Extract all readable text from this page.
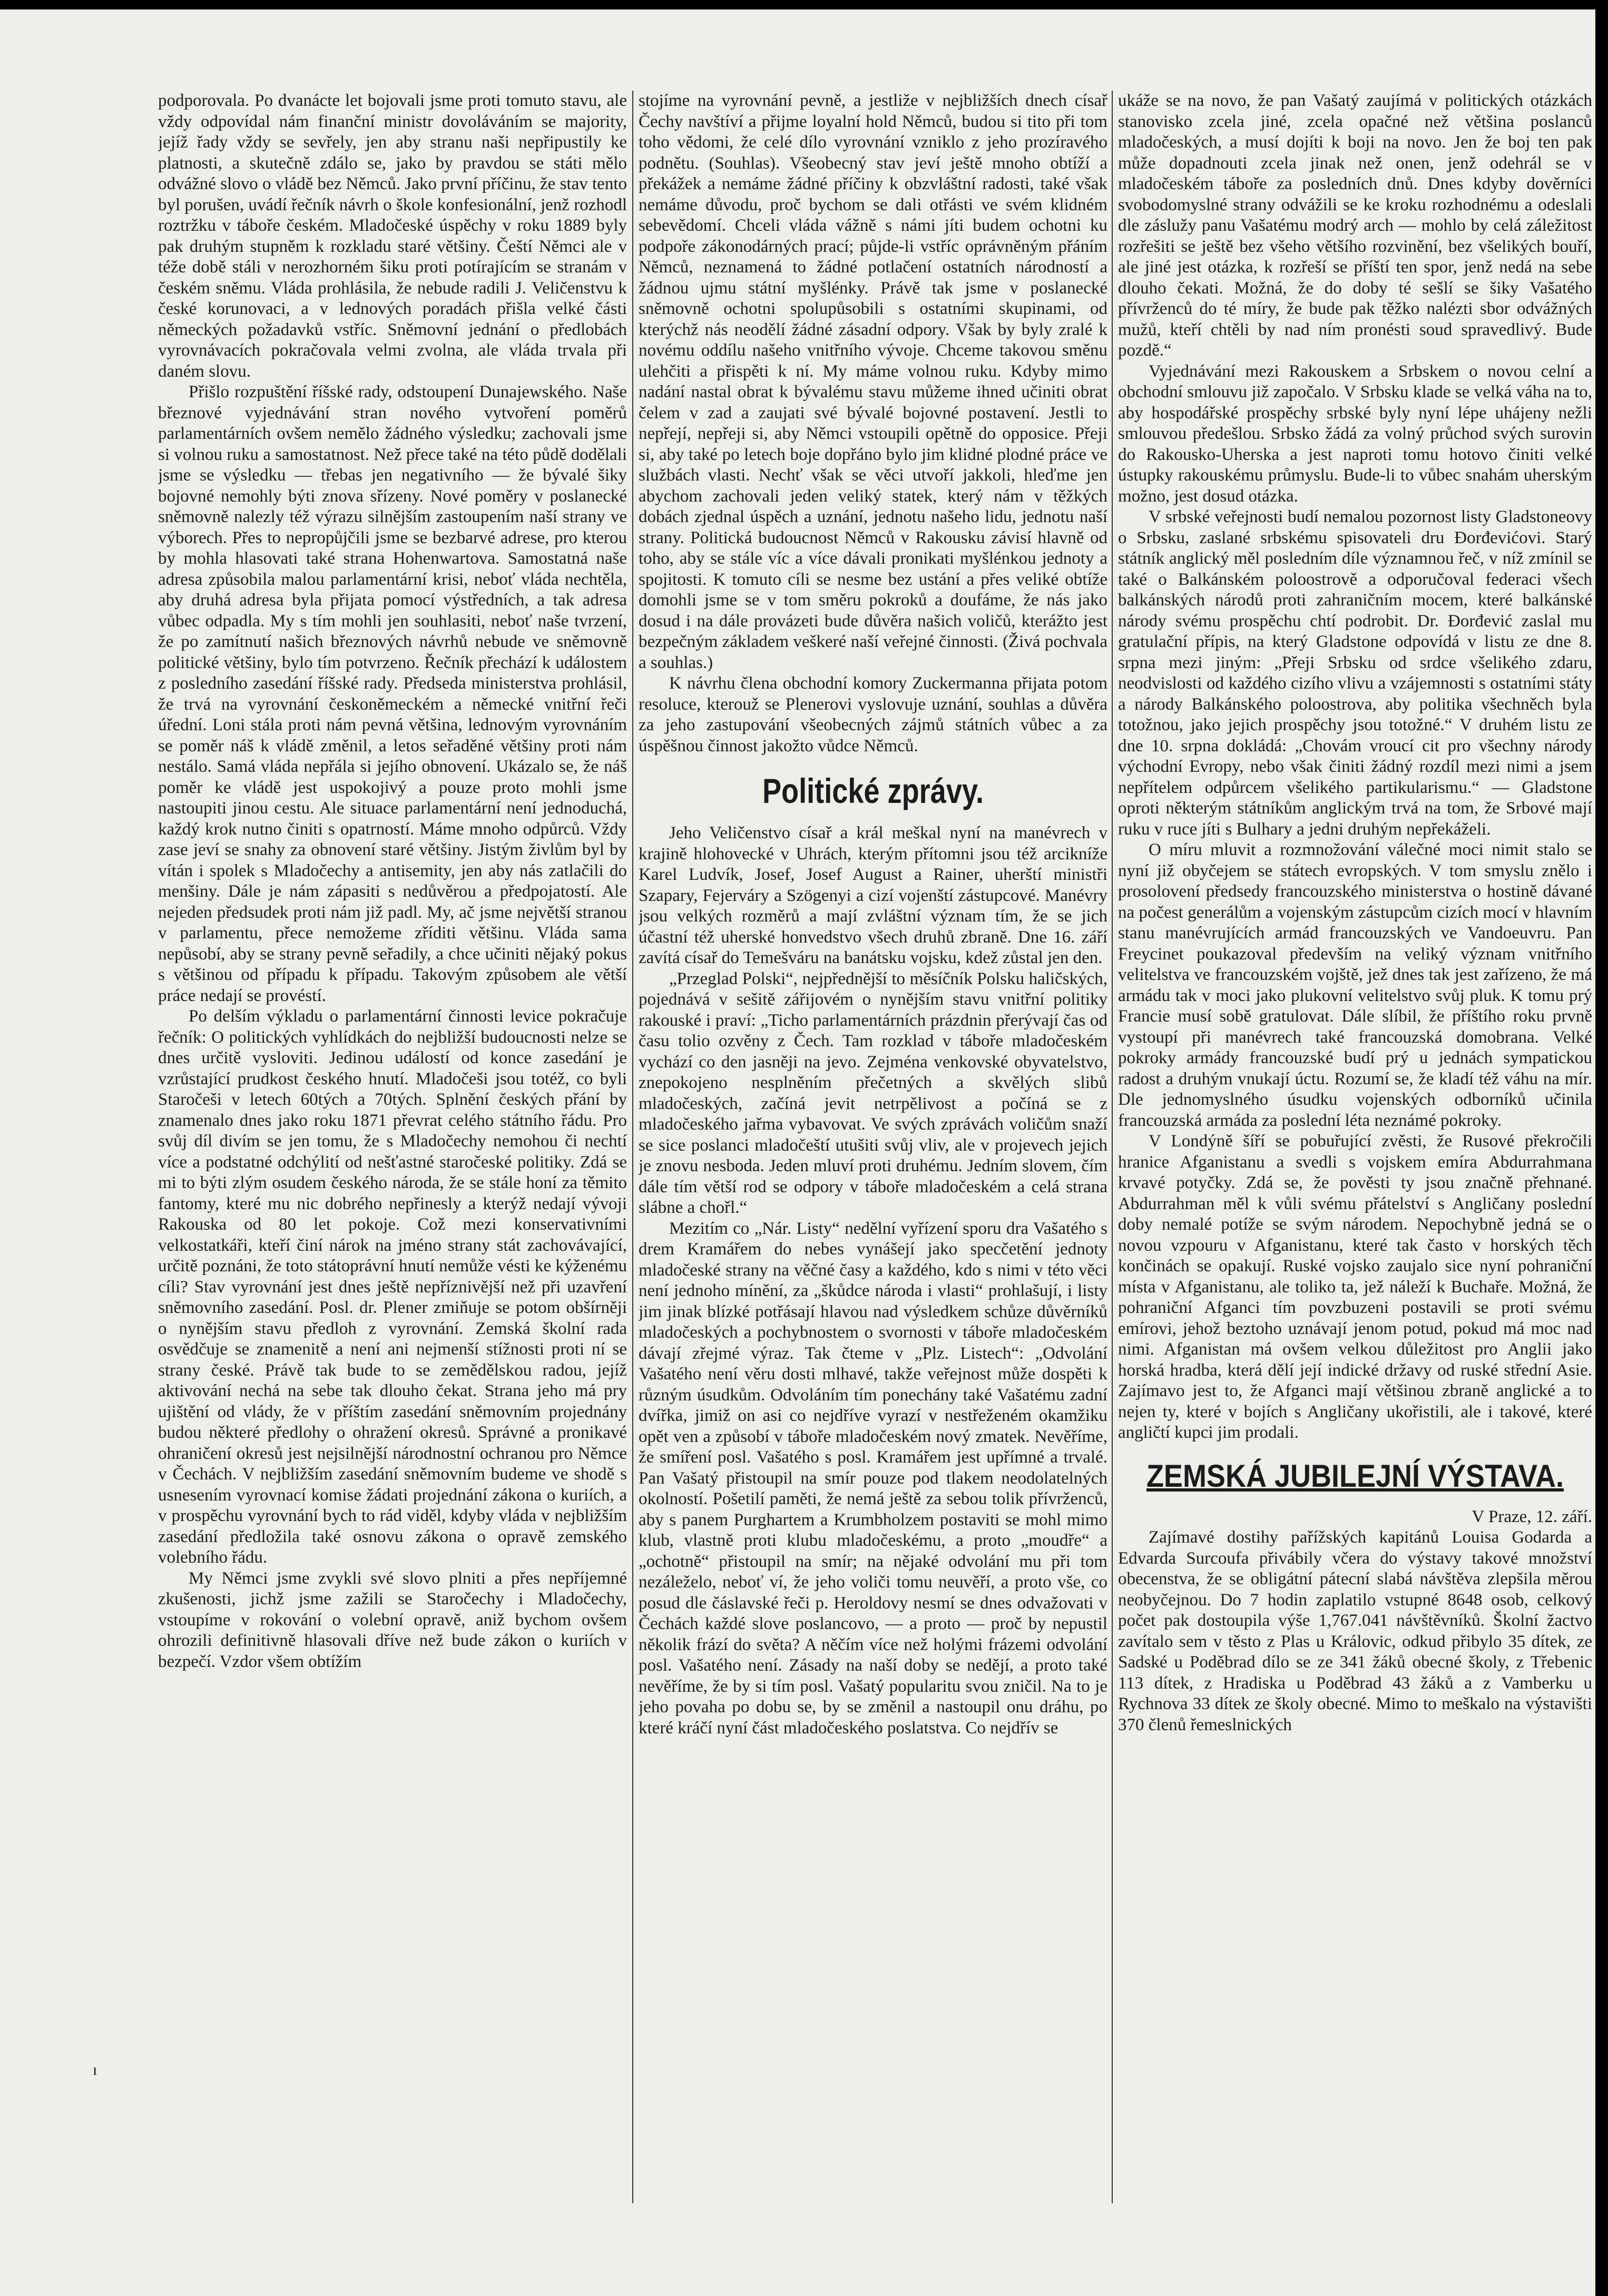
podporovala. Po dvanácte let bojovali jsme proti tomuto stavu, ale vždy odpovídal nám finanční ministr dovoláváním se majority, jejíž řady vždy se sevřely, jen aby stranu naši nepřipustily ke platnosti, a skutečně zdálo se, jako by pravdou se státi mělo odvážné slovo o vládě bez Němců. Jako první příčinu, že stav tento byl porušen, uvádí řečník návrh o škole konfesionální, jenž rozhodl roztržku v táboře českém. Mladočeské úspěchy v roku 1889 byly pak druhým stupněm k rozkladu staré většiny. Čeští Němci ale v téže době stáli v nerozhorném šiku proti potírajícím se stranám v českém sněmu. Vláda prohlásila, že nebude radili J. Veličenstvu k české korunovaci, a v lednových poradách přišla velké části německých požadavků vstříc. Sněmovní jednání o předlobách vyrovnávacích pokračovala velmi zvolna, ale vláda trvala při daném slovu.

Přišlo rozpuštění říšské rady, odstoupení Dunajewského. Naše březnové vyjednávání stran nového vytvoření poměrů parlamentárních ovšem nemělo žádného výsledku; zachovali jsme si volnou ruku a samostatnost. Než přece také na této půdě dodělali jsme se výsledku — třebas jen negativního — že bývalé šiky bojovné nemohly býti znova sřízeny. Nové poměry v poslanecké sněmovně nalezly též výrazu silnějším zastoupením naší strany ve výborech. Přes to nepropůjčili jsme se bezbarvé adrese, pro kterou by mohla hlasovati také strana Hohenwartova. Samostatná naše adresa způsobila malou parlamentární krisi, neboť vláda nechtěla, aby druhá adresa byla přijata pomocí výstředních, a tak adresa vůbec odpadla. My s tím mohli jen souhlasiti, neboť naše tvrzení, že po zamítnutí našich březnových návrhů nebude ve sněmovně politické většiny, bylo tím potvrzeno. Řečník přechází k událostem z posledního zasedání říšské rady. Předseda ministerstva prohlásil, že trvá na vyrovnání českoněmeckém a německé vnitřní řeči úřední. Loni stála proti nám pevná většina, lednovým vyrovnáním se poměr náš k vládě změnil, a letos seřaděné většiny proti nám nestálo. Samá vláda nepřála si jejího obnovení. Ukázalo se, že náš poměr ke vládě jest uspokojivý a pouze proto mohli jsme nastoupiti jinou cestu. Ale situace parlamentární není jednoduchá, každý krok nutno činiti s opatrností. Máme mnoho odpůrců. Vždy zase jeví se snahy za obnovení staré většiny. Jistým živlům byl by vítán i spolek s Mladočechy a antisemity, jen aby nás zatlačili do menšiny. Dále je nám zápasiti s nedůvěrou a předpojatostí. Ale nejeden předsudek proti nám již padl. My, ač jsme největší stranou v parlamentu, přece nemožeme zříditi většinu. Vláda sama nepůsobí, aby se strany pevně seřadily, a chce učiniti nějaký pokus s většinou od případu k případu. Takovým způsobem ale větší práce nedají se provéstí.

Po delším výkladu o parlamentární činnosti levice pokračuje řečník: O politických vyhlídkách do nejbližší budoucnosti nelze se dnes určitě vysloviti. Jedinou událostí od konce zasedání je vzrůstající prudkost českého hnutí. Mladočeši jsou totéž, co byli Staročeši v letech 60tých a 70tých. Splnění českých přání by znamenalo dnes jako roku 1871 převrat celého státního řádu. Pro svůj díl divím se jen tomu, že s Mladočechy nemohou či nechtí více a podstatné odchýlití od nešťastné staročeské politiky. Zdá se mi to býti zlým osudem českého národa, že se stále honí za těmito fantomy, které mu nic dobrého nepřinesly a kterýž nedají vývoji Rakouska od 80 let pokoje. Což mezi konservativními velkostatkáři, kteří činí nárok na jméno strany stát zachovávající, určitě poznáni, že toto státoprávní hnutí nemůže vésti ke kýženému cíli? Stav vyrovnání jest dnes ještě nepříznivější než při uzavření sněmovního zasedání. Posl. dr. Plener zmiňuje se potom obšírněji o nynějším stavu předloh z vyrovnání. Zemská školní rada osvědčuje se znamenitě a není ani nejmenší stížnosti proti ní se strany české. Právě tak bude to se zemědělskou radou, jejíž aktivování nechá na sebe tak dlouho čekat. Strana jeho má pry ujištění od vlády, že v příštím zasedání sněmovním projednány budou některé předlohy o ohražení okresů. Správné a pronikavé ohraničení okresů jest nejsilnější národnostní ochranou pro Němce v Čechách. V nejbližším zasedání sněmovním budeme ve shodě s usnesením vyrovnací komise žádati projednání zákona o kuriích, a v prospěchu vyrovnání bych to rád viděl, kdyby vláda v nejbližším zasedání předložila také osnovu zákona o opravě zemského volebního řádu.

My Němci jsme zvykli své slovo plniti a přes nepříjemné zkušenosti, jichž jsme zažili se Staročechy i Mladočechy, vstoupíme v rokování o volební opravě, aniž bychom ovšem ohrozili definitivně hlasovali dříve než bude zákon o kuriích v bezpečí. Vzdor všem obtížím

stojíme na vyrovnání pevně, a jestliže v nejbližších dnech císař Čechy navštíví a přijme loyalní hold Němců, budou si tito při tom toho vědomi, že celé dílo vyrovnání vzniklo z jeho prozíravého podnětu. (Souhlas). Všeobecný stav jeví ještě mnoho obtíží a překážek a nemáme žádné příčiny k obzvláštní radosti, také však nemáme důvodu, proč bychom se dali otřásti ve svém klidném sebevědomí. Chceli vláda vážně s námi jíti budem ochotni ku podpoře zákonodárných prací; půjde-li vstříc oprávněným přáním Němců, neznamená to žádné potlačení ostatních národností a žádnou ujmu státní myšlénky. Právě tak jsme v poslanecké sněmovně ochotni spolupůsobili s ostatními skupinami, od kterýchž nás neodělí žádné zásadní odpory. Však by byly zralé k novému oddílu našeho vnitřního vývoje. Chceme takovou směnu ulehčiti a přispěti k ní. My máme volnou ruku. Kdyby mimo nadání nastal obrat k bývalému stavu můžeme ihned učiniti obrat čelem v zad a zaujati své bývalé bojovné postavení. Jestli to nepřejí, nepřeji si, aby Němci vstoupili opětně do opposice. Přeji si, aby také po letech boje dopřáno bylo jim klidné plodné práce ve službách vlasti. Nechť však se věci utvoří jakkoli, hleďme jen abychom zachovali jeden veliký statek, který nám v těžkých dobách zjednal úspěch a uznání, jednotu našeho lidu, jednotu naší strany. Politická budoucnost Němců v Rakousku závisí hlavně od toho, aby se stále víc a více dávali pronikati myšlénkou jednoty a spojitosti. K tomuto cíli se nesme bez ustání a přes veliké obtíže domohli jsme se v tom směru pokroků a doufáme, že nás jako dosud i na dále provázeti bude důvěra našich voličů, kterážto jest bezpečným základem veškeré naší veřejné činnosti. (Živá pochvala a souhlas.)

K návrhu člena obchodní komory Zuckermanna přijata potom resoluce, kterouž se Plenerovi vyslovuje uznání, souhlas a důvěra za jeho zastupování všeobecných zájmů státních vůbec a za úspěšnou činnost jakožto vůdce Němců.

Politické zprávy.

Jeho Veličenstvo císař a král meškal nyní na manévrech v krajině hlohovecké v Uhrách, kterým přítomni jsou též arcikníže Karel Ludvík, Josef, Josef August a Rainer, uherští ministři Szapary, Fejerváry a Szögenyi a cizí vojenští zástupcové. Manévry jsou velkých rozměrů a mají zvláštní význam tím, že se jich účastní též uherské honvedstvo všech druhů zbraně. Dne 16. září zavítá císař do Temešváru na banátsku vojsku, kdež zůstal jen den.

„Przeglad Polski“, nejpřednější to měsíčník Polsku haličských, pojednává v sešitě zářijovém o nynějším stavu vnitřní politiky rakouské i praví: „Ticho parlamentárních prázdnin přerývají čas od času tolio ozvěny z Čech. Tam rozklad v táboře mladočeském vychází co den jasněji na jevo. Zejména venkovské obyvatelstvo, znepokojeno nesplněním přečetných a skvělých slibů mladočeských, začíná jevit netrpělivost a počíná se z mladočeského jařma vybavovat. Ve svých zprávách voličům snaží se sice poslanci mladočeští utušiti svůj vliv, ale v projevech jejich je znovu nesboda. Jeden mluví proti druhému. Jedním slovem, čím dále tím větší rod se odpory v táboře mladočeském a celá strana slábne a chořl.“

Mezitím co „Nár. Listy“ nedělní vyřízení sporu dra Vašatého s drem Kramářem do nebes vynášejí jako specčetění jednoty mladočeské strany na věčné časy a každého, kdo s nimi v této věci není jednoho mínění, za „škůdce národa i vlasti“ prohlašují, i listy jim jinak blízké potřásají hlavou nad výsledkem schůze důvěrníků mladočeských a pochybnostem o svornosti v táboře mladočeském dávají zřejmé výraz. Tak čteme v „Plz. Listech“: „Odvolání Vašatého není věru dosti mlhavé, takže veřejnost může dospěti k různým úsudkům. Odvoláním tím ponechány také Vašatému zadní dvířka, jimiž on asi co nejdříve vyrazí v nestřeženém okamžiku opět ven a způsobí v táboře mladočeském nový zmatek. Nevěříme, že smíření posl. Vašatého s posl. Kramářem jest upřímné a trvalé. Pan Vašatý přistoupil na smír pouze pod tlakem neodolatelných okolností. Pošetilí paměti, že nemá ještě za sebou tolik přívrženců, aby s panem Purghartem a Krumbholzem postaviti se mohl mimo klub, vlastně proti klubu mladočeskému, a proto „moudře“ a „ochotně“ přistoupil na smír; na nějaké odvolání mu při tom nezáleželo, neboť ví, že jeho voliči tomu neuvěří, a proto vše, co posud dle čáslavské řeči p. Heroldovy nesmí se dnes odvažovati v Čechách každé slove poslancovo, — a proto — proč by nepustil několik frází do světa? A něčím více než holými frázemi odvolání posl. Vašatého není. Zásady na naší doby se nedějí, a proto také nevěříme, že by si tím posl. Vašatý popularitu svou zničil. Na to je jeho povaha po dobu se, by se změnil a nastoupil onu dráhu, po které kráčí nyní část mladočeského poslatstva. Co nejdřív se

ukáže se na novo, že pan Vašatý zaujímá v politických otázkách stanovisko zcela jiné, zcela opačné než většina poslanců mladočeských, a musí dojíti k boji na novo. Jen že boj ten pak může dopadnouti zcela jinak než onen, jenž odehrál se v mladočeském táboře za posledních dnů. Dnes kdyby dověrníci svobodomyslné strany odvážili se ke kroku rozhodnému a odeslali dle záslužy panu Vašatému modrý arch — mohlo by celá záležitost rozřešiti se ještě bez všeho většího rozvinění, bez všelikých bouří, ale jiné jest otázka, k rozřeší se příští ten spor, jenž nedá na sebe dlouho čekati. Možná, že do doby té sešlí se šiky Vašatého přívrženců do té míry, že bude pak těžko nalézti sbor odvážných mužů, kteří chtěli by nad ním pronésti soud spravedlivý. Bude pozdě.“

Vyjednávání mezi Rakouskem a Srbskem o novou celní a obchodní smlouvu již započalo. V Srbsku klade se velká váha na to, aby hospodářské prospěchy srbské byly nyní lépe uhájeny nežli smlouvou předešlou. Srbsko žádá za volný průchod svých surovin do Rakousko-Uherska a jest naproti tomu hotovo činiti velké ústupky rakouskému průmyslu. Bude-li to vůbec snahám uherským možno, jest dosud otázka.

V srbské veřejnosti budí nemalou pozornost listy Gladstoneovy o Srbsku, zaslané srbskému spisovateli dru Đorđevićovi. Starý státník anglický měl posledním díle významnou řeč, v níž zmínil se také o Balkánském poloostrově a odporučoval federaci všech balkánských národů proti zahraničním mocem, které balkánské národy svému prospěchu chtí podrobit. Dr. Đorđević zaslal mu gratulační přípis, na který Gladstone odpovídá v listu ze dne 8. srpna mezi jiným: „Přeji Srbsku od srdce všelikého zdaru, neodvislosti od každého cizího vlivu a vzájemnosti s ostatními státy a národy Balkánského poloostrova, aby politika všechněch byla totožnou, jako jejich prospěchy jsou totožné.“ V druhém listu ze dne 10. srpna dokládá: „Chovám vroucí cit pro všechny národy východní Evropy, nebo však činiti žádný rozdíl mezi nimi a jsem nepřítelem odpůrcem všelikého partikularismu.“ — Gladstone oproti některým státníkům anglickým trvá na tom, že Srbové mají ruku v ruce jíti s Bulhary a jedni druhým nepřekáželi.

O míru mluvit a rozmnožování válečné moci nimit stalo se nyní již obyčejem se státech evropských. V tom smyslu znělo i prosolovení předsedy francouzského ministerstva o hostině dávané na počest generálům a vojenským zástupcům cizích mocí v hlavním stanu manévrujících armád francouzských ve Vandoeuvru. Pan Freycinet poukazoval především na veliký význam vnitřního velitelstva ve francouzském vojště, jež dnes tak jest zařízeno, že má armádu tak v moci jako plukovní velitelstvo svůj pluk. K tomu prý Francie musí sobě gratulovat. Dále slíbil, že příštího roku prvně vystoupí při manévrech také francouzská domobrana. Velké pokroky armády francouzské budí prý u jednách sympatickou radost a druhým vnukají úctu. Rozumí se, že kladí též váhu na mír. Dle jednomyslného úsudku vojenských odborníků učinila francouzská armáda za poslední léta neznámé pokroky.

V Londýně šíří se pobuřující zvěsti, že Rusové překročili hranice Afganistanu a svedli s vojskem emíra Abdurrahmana krvavé potyčky. Zdá se, že pověsti ty jsou značně přehnané. Abdurrahman měl k vůli svému přátelství s Angličany poslední doby nemalé potíže se svým národem. Nepochybně jedná se o novou vzpouru v Afganistanu, které tak často v horských těch končinách se opakují. Ruské vojsko zaujalo sice nyní pohraniční místa v Afganistanu, ale toliko ta, jež náleží k Buchaře. Možná, že pohraniční Afganci tím povzbuzeni postavili se proti svému emírovi, jehož beztoho uznávají jenom potud, pokud má moc nad nimi. Afganistan má ovšem velkou důležitost pro Anglii jako horská hradba, která dělí její indické državy od ruské střední Asie. Zajímavo jest to, že Afganci mají většinou zbraně anglické a to nejen ty, které v bojích s Angličany ukořistili, ale i takové, které angličtí kupci jim prodali.

ZEMSKÁ JUBILEJNÍ VÝSTAVA.

V Praze, 12. září.

Zajímavé dostihy pařížských kapitánů Louisa Godarda a Edvarda Surcoufa přivábily včera do výstavy takové množství obecenstva, že se obligátní pátecní slabá návštěva zlepšila měrou neobyčejnou. Do 7 hodin zaplatilo vstupné 8648 osob, celkový počet pak dostoupila výše 1,767.041 návštěvníků. Školní žactvo zavítalo sem v těsto z Plas u Královiс, odkud přibylo 35 dítek, ze Sadské u Poděbrad dílo se ze 341 žáků obecné školy, z Třebenic 113 dítek, z Hradiska u Poděbrad 43 žáků a z Vamberku u Rychnova 33 dítek ze školy obecné. Mimo to meškalo na výstavišti 370 členů řemeslnických

ı
